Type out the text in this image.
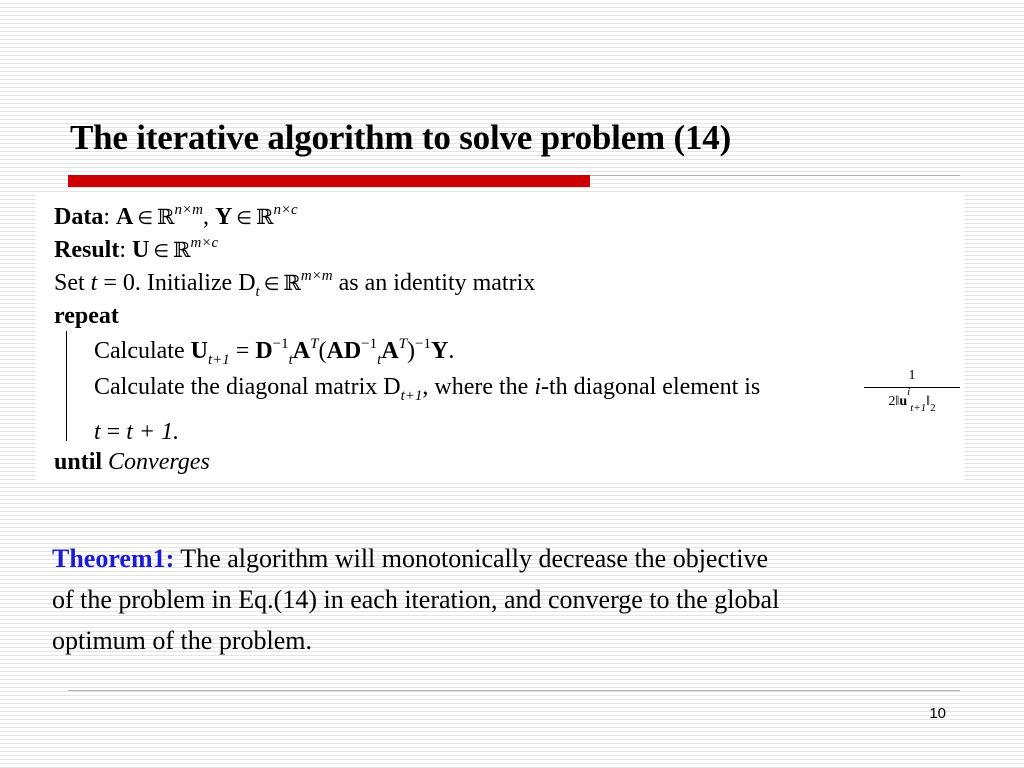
The iterative algorithm to solve problem (14)
Data: A ∈ ℝ$^{n\times m}$, Y ∈ ℝ$^{n\times c}$
Result: U ∈ ℝ$^{m\times c}$
Set t = 0. Initialize $D_t$ ∈ ℝ$^{m\times m}$ as an identity matrix
repeat
Calculate $U_{t+1} = D^{-1}_tA^T(AD^{-1}_tA^T)^{-1}Y$.
Calculate the diagonal matrix $D_{t+1}$, where the i-th diagonal element is	1
$2‖u^i_{t+1}‖_2$
t = t + 1.
until Converges
Theorem1: The algorithm will monotonically decrease the objective
of the problem in Eq.(14) in each iteration, and converge to the global
optimum of the problem.
10
